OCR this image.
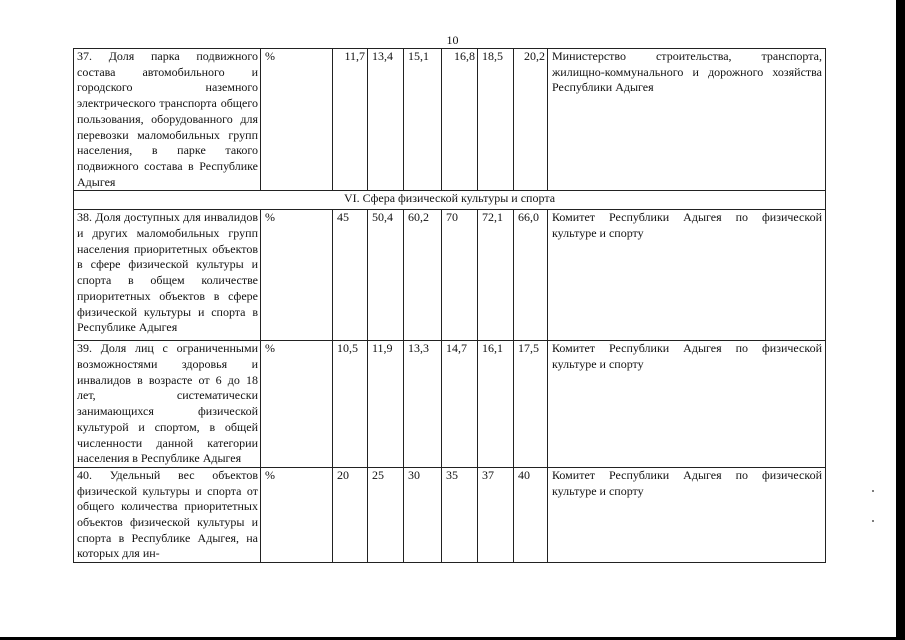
10
37. Доля парка подвижного состава автомобильного и городского наземного электрического транспорта общего пользования, оборудованного для перевозки маломобильных групп населения, в парке такого подвижного состава в Республике Адыгея	%	11,7	13,4	15,1	16,8	18,5	20,2	Министерство строительства, транспорта, жилищно-коммунального и дорожного хозяйства Республики Адыгея
VI. Сфера физической культуры и спорта								
38. Доля доступных для инвалидов и других маломобильных групп населения приоритетных объектов в сфере физической культуры и спорта в общем количестве приоритетных объектов в сфере физической культуры и спорта в Республике Адыгея	%	45	50,4	60,2	70	72,1	66,0	Комитет Республики Адыгея по физической культуре и спорту
39. Доля лиц с ограниченными возможностями здоровья и инвалидов в возрасте от 6 до 18 лет, систематически занимающихся физической культурой и спортом, в общей численности данной категории населения в Республике Адыгея	%	10,5	11,9	13,3	14,7	16,1	17,5	Комитет Республики Адыгея по физической культуре и спорту
40. Удельный вес объектов физической культуры и спорта от общего количества приоритетных объектов физической культуры и спорта в Республике Адыгея, на которых для ин-	%	20	25	30	35	37	40	Комитет Республики Адыгея по физической культуре и спорту
